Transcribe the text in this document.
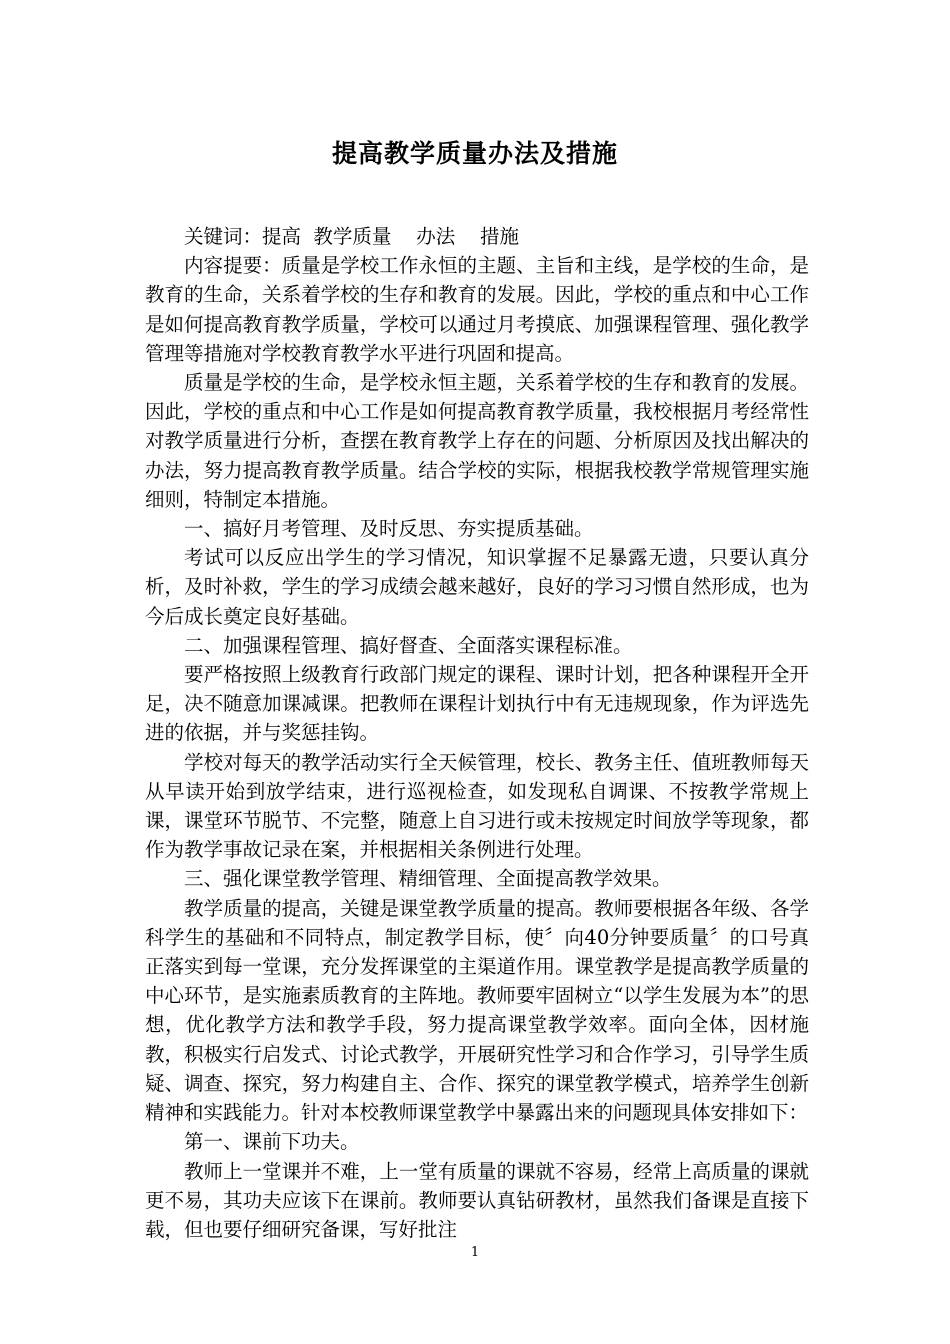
提高教学质量办法及措施

关键词：提高  教学质量    办法    措施

内容提要：质量是学校工作永恒的主题、主旨和主线，是学校的生命，是教育的生命，关系着学校的生存和教育的发展。因此，学校的重点和中心工作是如何提高教育教学质量，学校可以通过月考摸底、加强课程管理、强化教学管理等措施对学校教育教学水平进行巩固和提高。

质量是学校的生命，是学校永恒主题，关系着学校的生存和教育的发展。因此，学校的重点和中心工作是如何提高教育教学质量，我校根据月考经常性对教学质量进行分析，查摆在教育教学上存在的问题、分析原因及找出解决的办法，努力提高教育教学质量。结合学校的实际，根据我校教学常规管理实施细则，特制定本措施。

一、搞好月考管理、及时反思、夯实提质基础。

考试可以反应出学生的学习情况，知识掌握不足暴露无遗，只要认真分析，及时补救，学生的学习成绩会越来越好，良好的学习习惯自然形成，也为今后成长奠定良好基础。

二、加强课程管理、搞好督查、全面落实课程标准。

要严格按照上级教育行政部门规定的课程、课时计划，把各种课程开全开足，决不随意加课减课。把教师在课程计划执行中有无违规现象，作为评选先进的依据，并与奖惩挂钩。

学校对每天的教学活动实行全天候管理，校长、教务主任、值班教师每天从早读开始到放学结束，进行巡视检查，如发现私自调课、不按教学常规上课，课堂环节脱节、不完整，随意上自习进行或未按规定时间放学等现象，都作为教学事故记录在案，并根据相关条例进行处理。

三、强化课堂教学管理、精细管理、全面提高教学效果。

教学质量的提高，关键是课堂教学质量的提高。教师要根据各年级、各学科学生的基础和不同特点，制定教学目标，使〞向40分钟要质量〞的口号真正落实到每一堂课，充分发挥课堂的主渠道作用。课堂教学是提高教学质量的中心环节，是实施素质教育的主阵地。教师要牢固树立“以学生发展为本”的思想，优化教学方法和教学手段，努力提高课堂教学效率。面向全体，因材施教，积极实行启发式、讨论式教学，开展研究性学习和合作学习，引导学生质疑、调查、探究，努力构建自主、合作、探究的课堂教学模式，培养学生创新精神和实践能力。针对本校教师课堂教学中暴露出来的问题现具体安排如下：

第一、课前下功夫。

教师上一堂课并不难，上一堂有质量的课就不容易，经常上高质量的课就更不易，其功夫应该下在课前。教师要认真钻研教材，虽然我们备课是直接下载，但也要仔细研究备课，写好批注

1
